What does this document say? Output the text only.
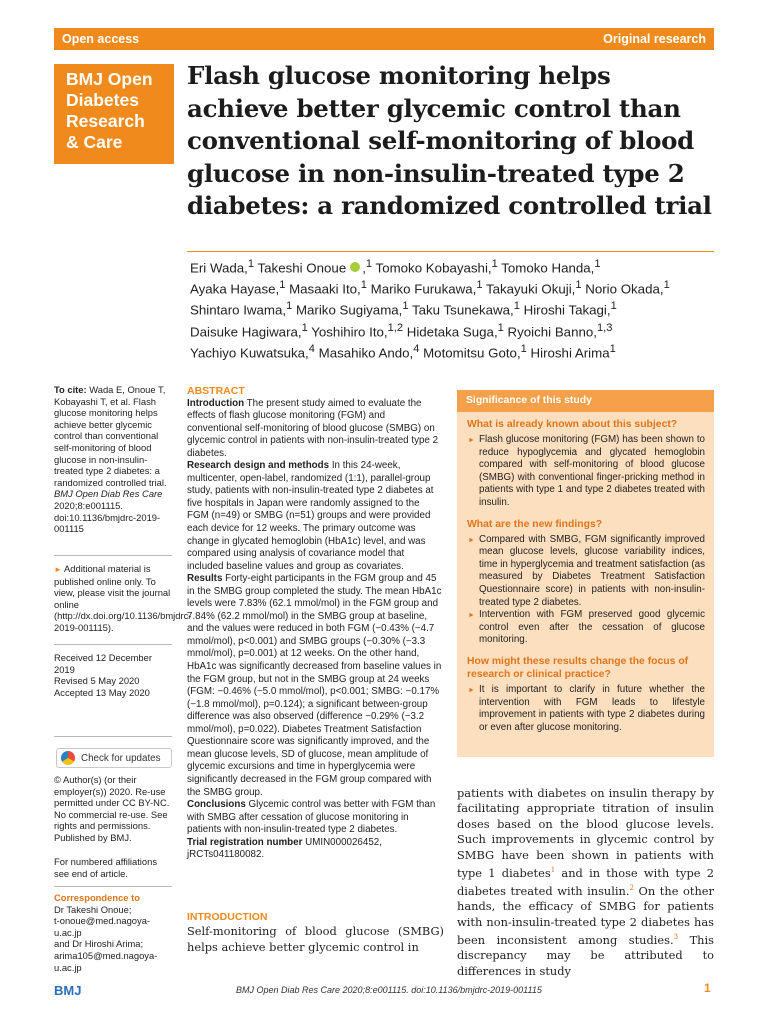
Open access	Original research
BMJ Open
Diabetes
Research
& Care
Flash glucose monitoring helps achieve better glycemic control than conventional self-monitoring of blood glucose in non-insulin-treated type 2 diabetes: a randomized controlled trial
Eri Wada,$^1$ Takeshi Onoue ,$^1$ Tomoko Kobayashi,$^1$ Tomoko Handa,$^1$
Ayaka Hayase,$^1$ Masaaki Ito,$^1$ Mariko Furukawa,$^1$ Takayuki Okuji,$^1$ Norio Okada,$^1$
Shintaro Iwama,$^1$ Mariko Sugiyama,$^1$ Taku Tsunekawa,$^1$ Hiroshi Takagi,$^1$
Daisuke Hagiwara,$^1$ Yoshihiro Ito,$^{1,2}$ Hidetaka Suga,$^1$ Ryoichi Banno,$^{1,3}$
Yachiyo Kuwatsuka,$^4$ Masahiko Ando,$^4$ Motomitsu Goto,$^1$ Hiroshi Arima$^1$
To cite: Wada E, Onoue T, Kobayashi T, et al. Flash glucose monitoring helps achieve better glycemic control than conventional self-monitoring of blood glucose in non-insulin-treated type 2 diabetes: a randomized controlled trial. BMJ Open Diab Res Care 2020;8:e001115. doi:10.1136/bmjdrc-2019-001115
► Additional material is published online only. To view, please visit the journal online (http://dx.doi.org/10.1136/bmjdrc-2019-001115).
Received 12 December 2019
Revised 5 May 2020
Accepted 13 May 2020
Check for updates
© Author(s) (or their employer(s)) 2020. Re-use permitted under CC BY-NC. No commercial re-use. See rights and permissions. Published by BMJ.
For numbered affiliations see end of article.
Correspondence to
Dr Takeshi Onoue;
t-onoue@med.nagoya-u.ac.jp
and Dr Hiroshi Arima;
arima105@med.nagoya-u.ac.jp
ABSTRACT

Introduction The present study aimed to evaluate the effects of flash glucose monitoring (FGM) and conventional self-monitoring of blood glucose (SMBG) on glycemic control in patients with non-insulin-treated type 2 diabetes.

Research design and methods In this 24-week, multicenter, open-label, randomized (1:1), parallel-group study, patients with non-insulin-treated type 2 diabetes at five hospitals in Japan were randomly assigned to the FGM (n=49) or SMBG (n=51) groups and were provided each device for 12 weeks. The primary outcome was change in glycated hemoglobin (HbA1c) level, and was compared using analysis of covariance model that included baseline values and group as covariates.

Results Forty-eight participants in the FGM group and 45 in the SMBG group completed the study. The mean HbA1c levels were 7.83% (62.1 mmol/mol) in the FGM group and 7.84% (62.2 mmol/mol) in the SMBG group at baseline, and the values were reduced in both FGM (−0.43% (−4.7 mmol/mol), p<0.001) and SMBG groups (−0.30% (−3.3 mmol/mol), p=0.001) at 12 weeks. On the other hand, HbA1c was significantly decreased from baseline values in the FGM group, but not in the SMBG group at 24 weeks (FGM: −0.46% (−5.0 mmol/mol), p<0.001; SMBG: −0.17% (−1.8 mmol/mol), p=0.124); a significant between-group difference was also observed (difference −0.29% (−3.2 mmol/mol), p=0.022). Diabetes Treatment Satisfaction Questionnaire score was significantly improved, and the mean glucose levels, SD of glucose, mean amplitude of glycemic excursions and time in hyperglycemia were significantly decreased in the FGM group compared with the SMBG group.

Conclusions Glycemic control was better with FGM than with SMBG after cessation of glucose monitoring in patients with non-insulin-treated type 2 diabetes.

Trial registration number UMIN000026452, jRCTs041180082.

Significance of this study
What is already known about this subject?
► Flash glucose monitoring (FGM) has been shown to reduce hypoglycemia and glycated hemoglobin compared with self-monitoring of blood glucose (SMBG) with conventional finger-pricking method in patients with type 1 and type 2 diabetes treated with insulin.
What are the new findings?
► Compared with SMBG, FGM significantly improved mean glucose levels, glucose variability indices, time in hyperglycemia and treatment satisfaction (as measured by Diabetes Treatment Satisfaction Questionnaire score) in patients with non-insulin-treated type 2 diabetes.
► Intervention with FGM preserved good glycemic control even after the cessation of glucose monitoring.
How might these results change the focus of research or clinical practice?
► It is important to clarify in future whether the intervention with FGM leads to lifestyle improvement in patients with type 2 diabetes during or even after glucose monitoring.
INTRODUCTION
Self-monitoring of blood glucose (SMBG) helps achieve better glycemic control in
patients with diabetes on insulin therapy by facilitating appropriate titration of insulin doses based on the blood glucose levels. Such improvements in glycemic control by SMBG have been shown in patients with type 1 diabetes$^1$ and in those with type 2 diabetes treated with insulin.$^2$ On the other hands, the efficacy of SMBG for patients with non-insulin-treated type 2 diabetes has been inconsistent among studies.$^3$ This discrepancy may be attributed to differences in study
BMJ	BMJ Open Diab Res Care 2020;8:e001115. doi:10.1136/bmjdrc-2019-001115	1
